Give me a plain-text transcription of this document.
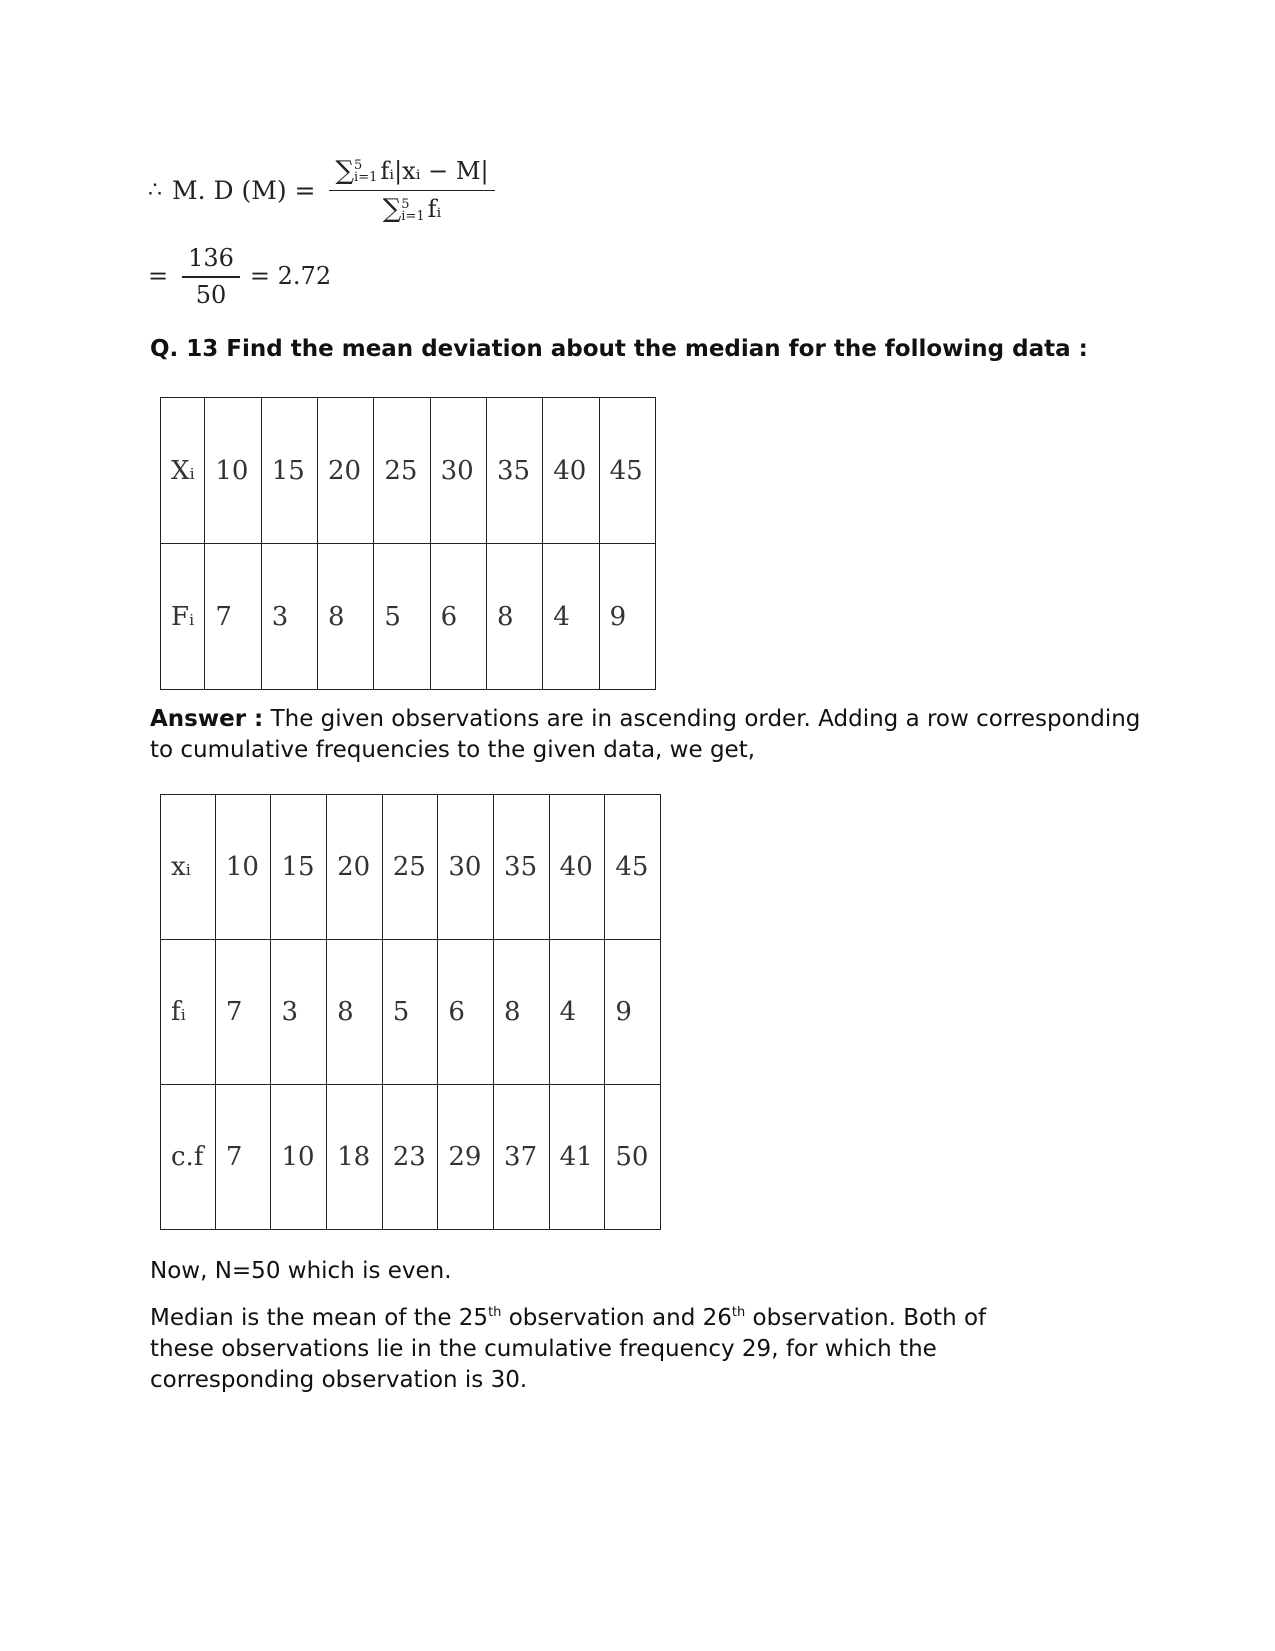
∴ M. D (M) = ∑ 5
i=1 fᵢ|xᵢ − M|
∑ 5
i=1 fᵢ
= $\frac{136}{50} = 2.72$
Q. 13 Find the mean deviation about the median for the following data :
Xᵢ	10	15	20	25	30	35	40	45
Fᵢ	7	3	8	5	6	8	4	9
Answer : The given observations are in ascending order. Adding a row corresponding to cumulative frequencies to the given data, we get,
xᵢ	10	15	20	25	30	35	40	45
fᵢ	7	3	8	5	6	8	4	9
c.f	7	10	18	23	29	37	41	50
Now, N=50 which is even.
Median is the mean of the 25th observation and 26th observation. Both of these observations lie in the cumulative frequency 29, for which the corresponding observation is 30.
